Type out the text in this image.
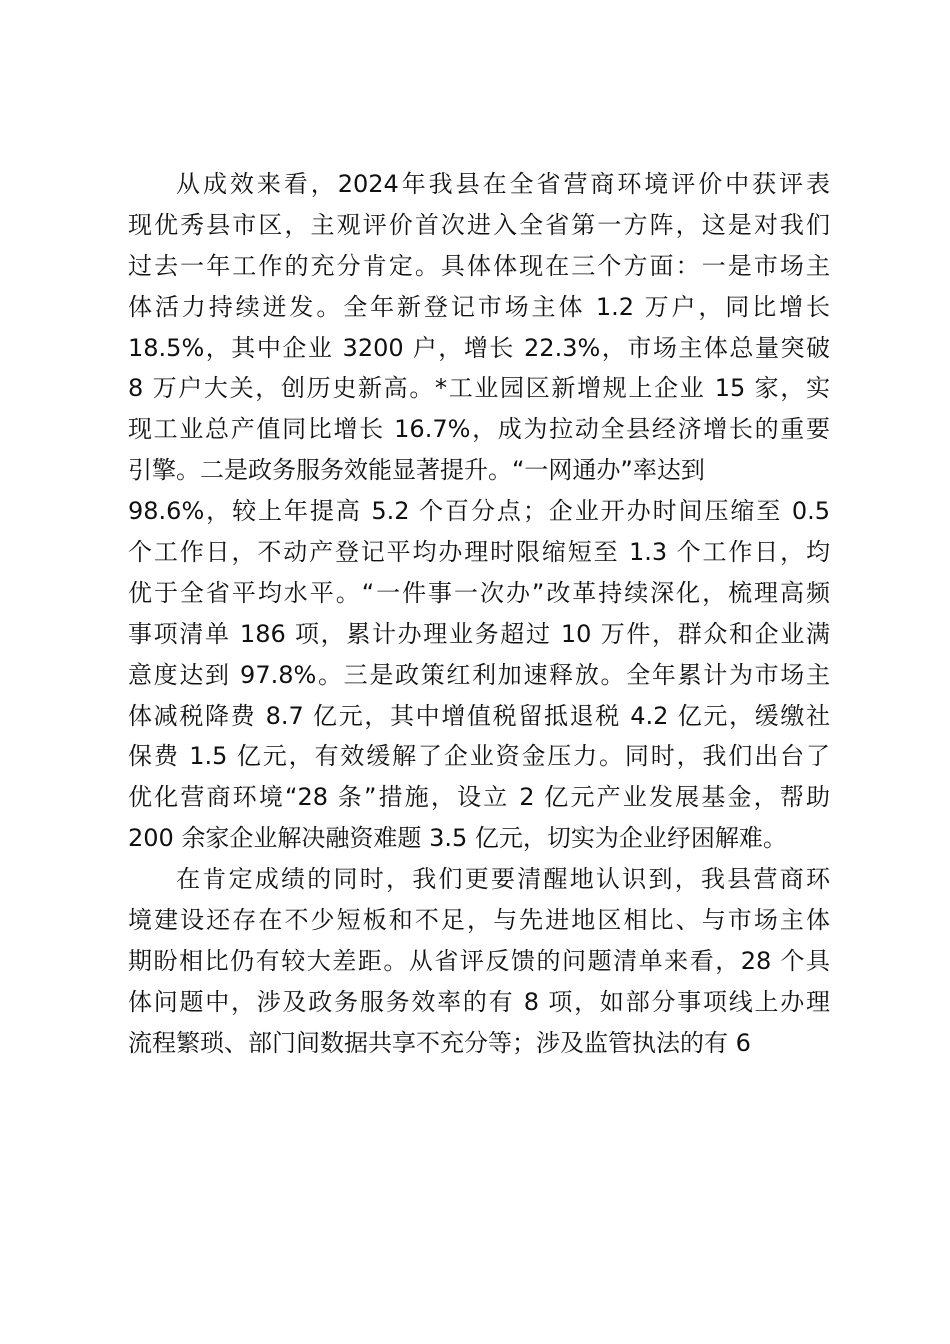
从成效来看，2024年我县在全省营商环境评价中获评表
现优秀县市区，主观评价首次进入全省第一方阵，这是对我们
过去一年工作的充分肯定。具体体现在三个方面：一是市场主
体活力持续迸发。全年新登记市场主体 1.2 万户，同比增长
18.5%，其中企业 3200 户，增长 22.3%，市场主体总量突破
8 万户大关，创历史新高。*工业园区新增规上企业 15 家，实
现工业总产值同比增长 16.7%，成为拉动全县经济增长的重要
引擎。二是政务服务效能显著提升。“一网通办”率达到
98.6%，较上年提高 5.2 个百分点；企业开办时间压缩至 0.5
个工作日，不动产登记平均办理时限缩短至 1.3 个工作日，均
优于全省平均水平。“一件事一次办”改革持续深化，梳理高频
事项清单 186 项，累计办理业务超过 10 万件，群众和企业满
意度达到 97.8%。三是政策红利加速释放。全年累计为市场主
体减税降费 8.7 亿元，其中增值税留抵退税 4.2 亿元，缓缴社
保费 1.5 亿元，有效缓解了企业资金压力。同时，我们出台了
优化营商环境“28 条”措施，设立 2 亿元产业发展基金，帮助
200 余家企业解决融资难题 3.5 亿元，切实为企业纾困解难。
在肯定成绩的同时，我们更要清醒地认识到，我县营商环
境建设还存在不少短板和不足，与先进地区相比、与市场主体
期盼相比仍有较大差距。从省评反馈的问题清单来看，28 个具
体问题中，涉及政务服务效率的有 8 项，如部分事项线上办理
流程繁琐、部门间数据共享不充分等；涉及监管执法的有 6
